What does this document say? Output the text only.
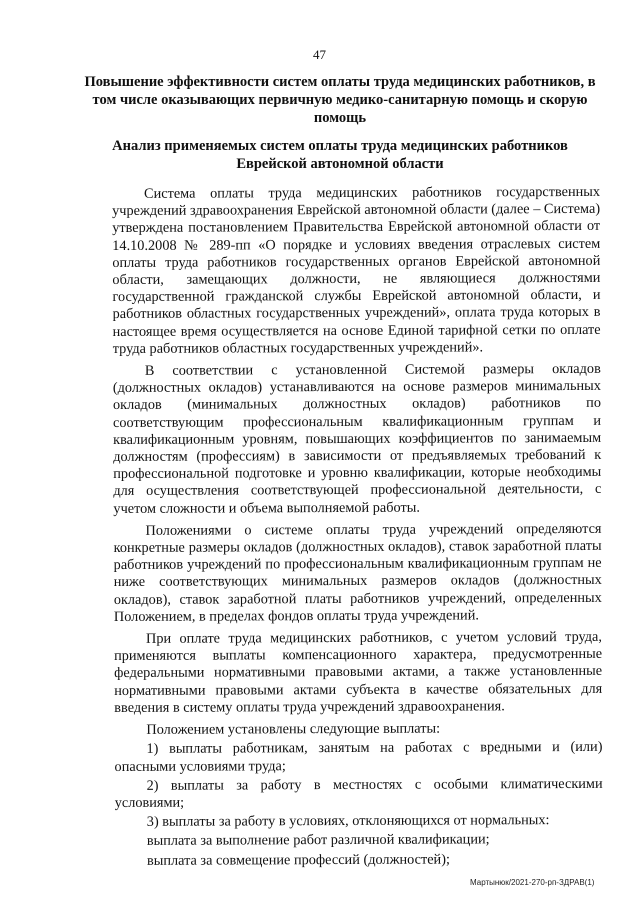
47
Повышение эффективности систем оплаты труда медицинских работников, в том числе оказывающих первичную медико-санитарную помощь и скорую помощь
Анализ применяемых систем оплаты труда медицинских работников Еврейской автономной области

Система оплаты труда медицинских работников государственных учреждений здравоохранения Еврейской автономной области (далее – Система) утверждена постановлением Правительства Еврейской автономной области от 14.10.2008 № 289-пп «О порядке и условиях введения отраслевых систем оплаты труда работников государственных органов Еврейской автономной области, замещающих должности, не являющиеся должностями государственной гражданской службы Еврейской автономной области, и работников областных государственных учреждений», оплата труда которых в настоящее время осуществляется на основе Единой тарифной сетки по оплате труда работников областных государственных учреждений».

В соответствии с установленной Системой размеры окладов (должностных окладов) устанавливаются на основе размеров минимальных окладов (минимальных должностных окладов) работников по соответствующим профессиональным квалификационным группам и квалификационным уровням, повышающих коэффициентов по занимаемым должностям (профессиям) в зависимости от предъявляемых требований к профессиональной подготовке и уровню квалификации, которые необходимы для осуществления соответствующей профессиональной деятельности, с учетом сложности и объема выполняемой работы.

Положениями о системе оплаты труда учреждений определяются конкретные размеры окладов (должностных окладов), ставок заработной платы работников учреждений по профессиональным квалификационным группам не ниже соответствующих минимальных размеров окладов (должностных окладов), ставок заработной платы работников учреждений, определенных Положением, в пределах фондов оплаты труда учреждений.

При оплате труда медицинских работников, с учетом условий труда, применяются выплаты компенсационного характера, предусмотренные федеральными нормативными правовыми актами, а также установленные нормативными правовыми актами субъекта в качестве обязательных для введения в систему оплаты труда учреждений здравоохранения.

Положением установлены следующие выплаты:

1) выплаты работникам, занятым на работах с вредными и (или) опасными условиями труда;

2) выплаты за работу в местностях с особыми климатическими условиями;

3) выплаты за работу в условиях, отклоняющихся от нормальных:

выплата за выполнение работ различной квалификации;

выплата за совмещение профессий (должностей);

Мартынюк/2021-270-рп-ЗДРАВ(1)
